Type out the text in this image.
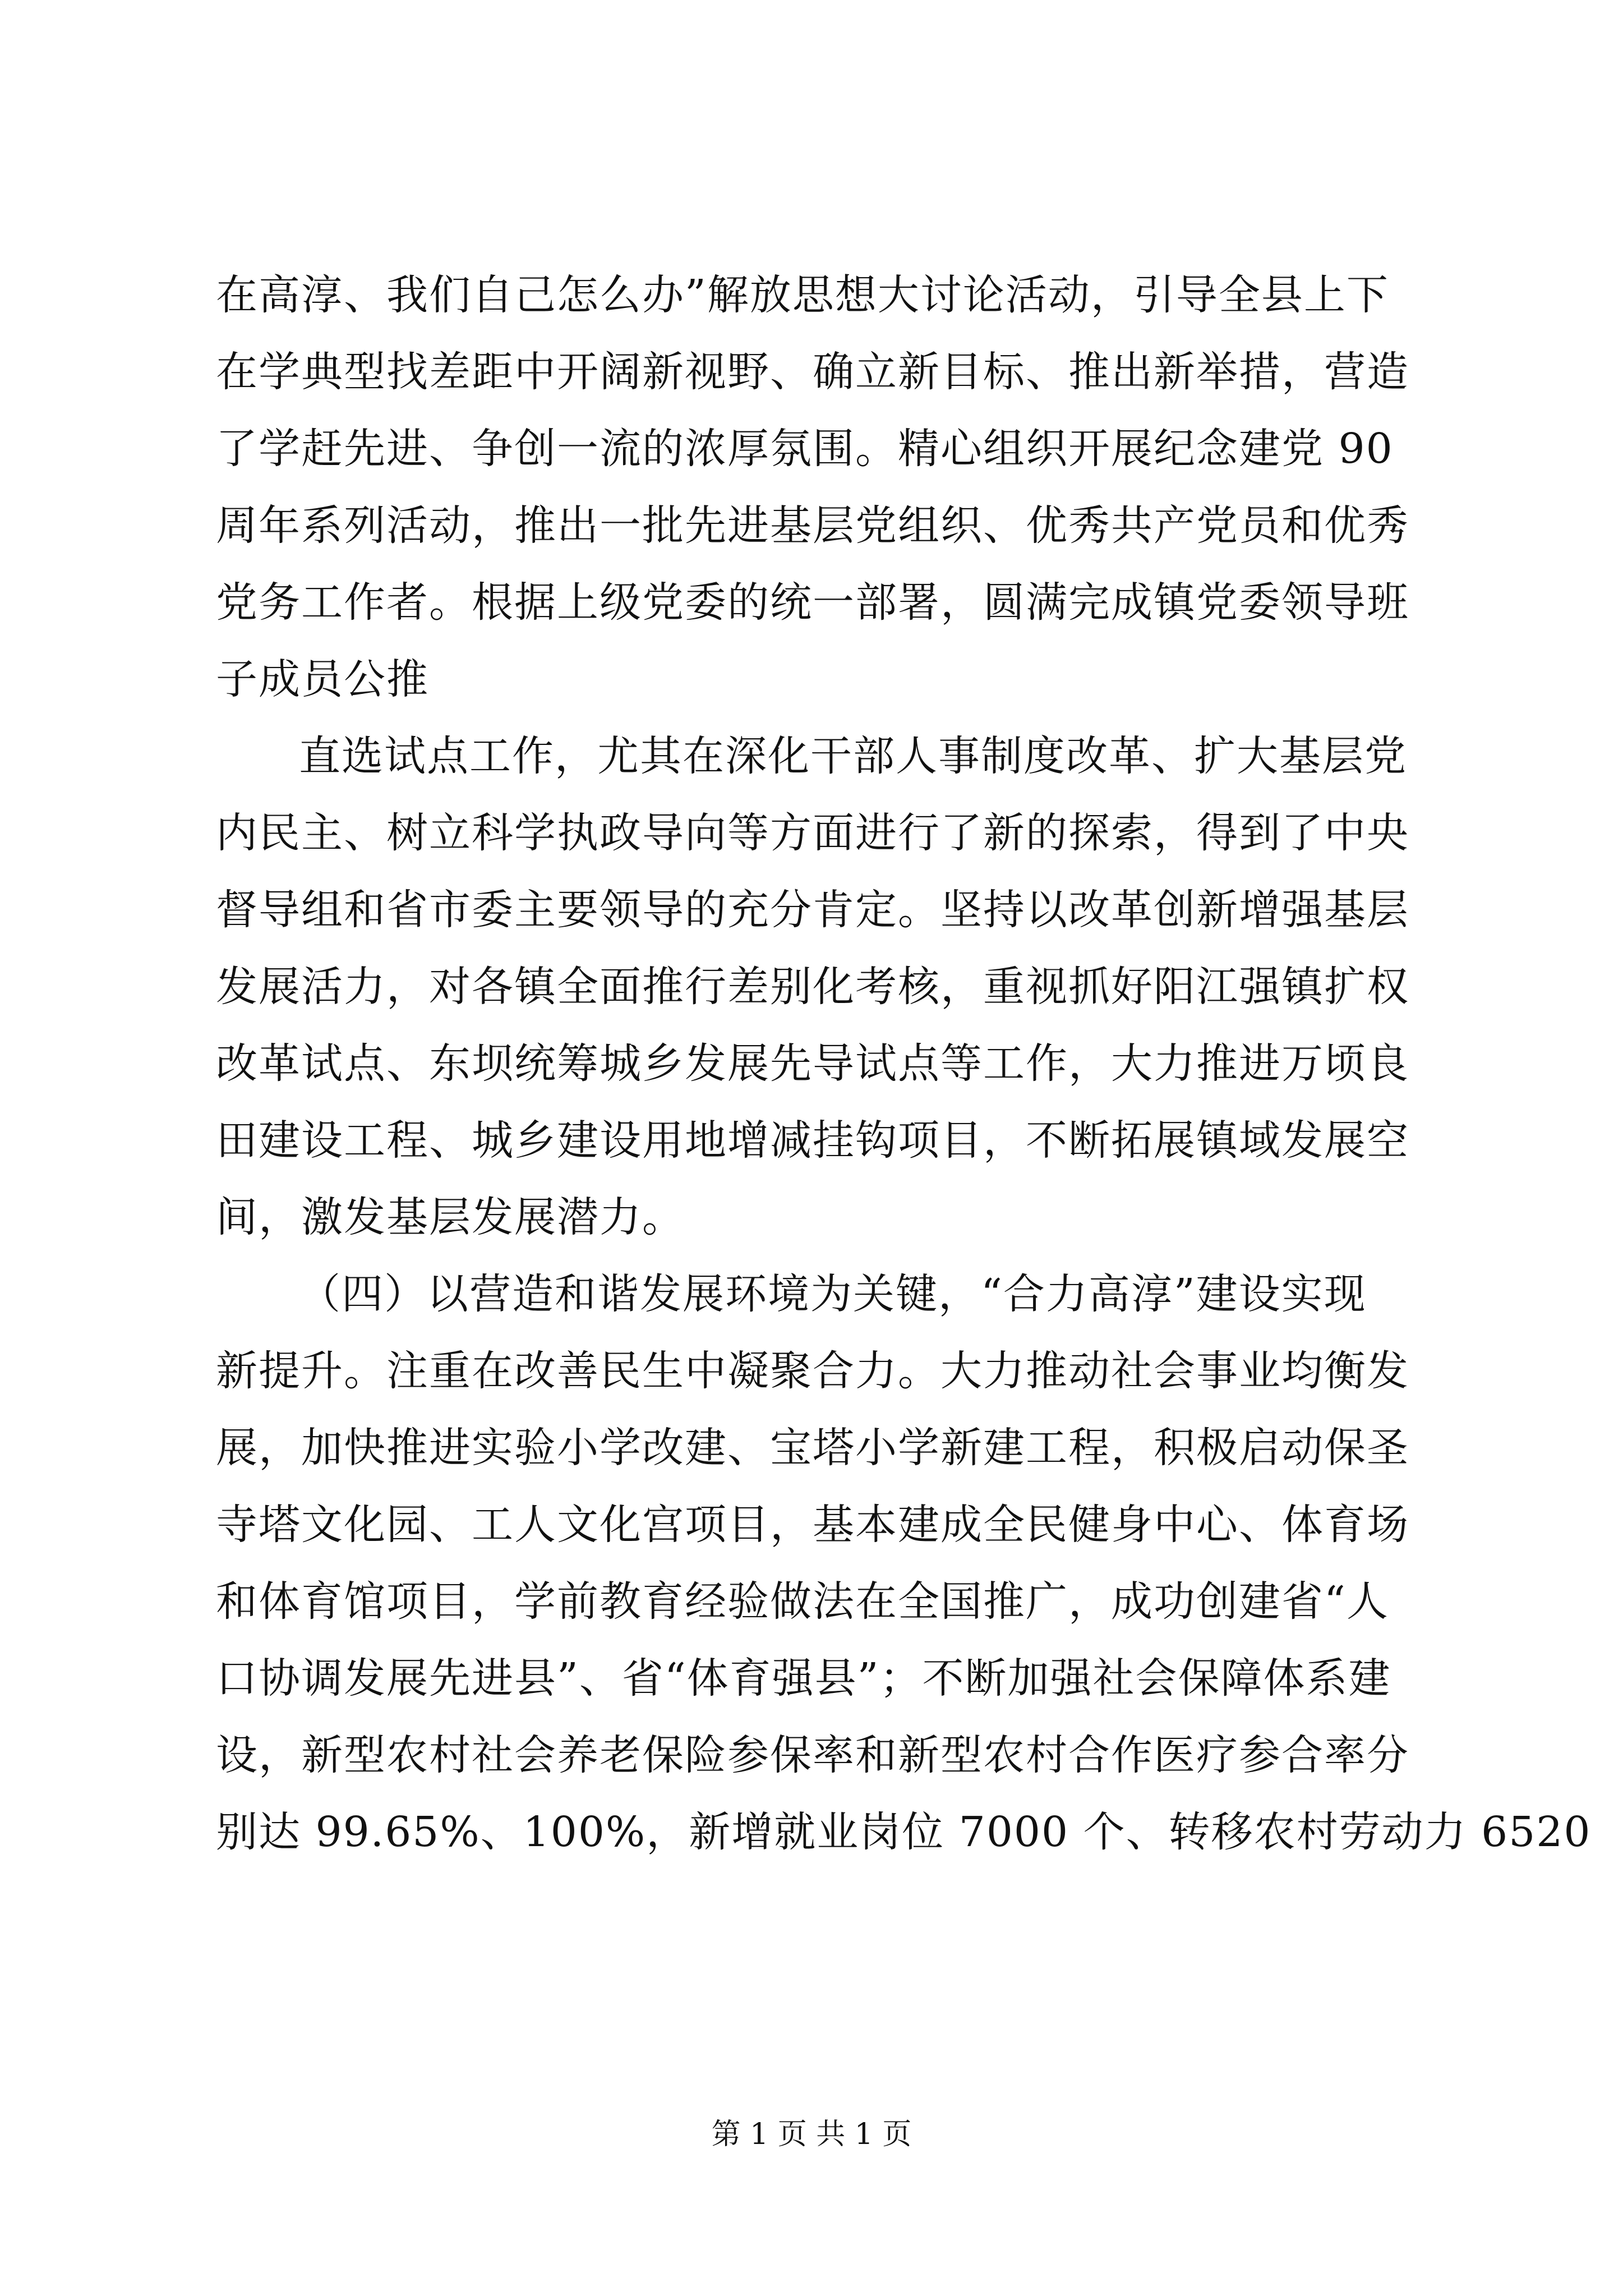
在高淳、我们自己怎么办”解放思想大讨论活动，引导全县上下
在学典型找差距中开阔新视野、确立新目标、推出新举措，营造
了学赶先进、争创一流的浓厚氛围。精心组织开展纪念建党 90
周年系列活动，推出一批先进基层党组织、优秀共产党员和优秀
党务工作者。根据上级党委的统一部署，圆满完成镇党委领导班
子成员公推
直选试点工作，尤其在深化干部人事制度改革、扩大基层党
内民主、树立科学执政导向等方面进行了新的探索，得到了中央
督导组和省市委主要领导的充分肯定。坚持以改革创新增强基层
发展活力，对各镇全面推行差别化考核，重视抓好阳江强镇扩权
改革试点、东坝统筹城乡发展先导试点等工作，大力推进万顷良
田建设工程、城乡建设用地增减挂钩项目，不断拓展镇域发展空
间，激发基层发展潜力。
（四）以营造和谐发展环境为关键，“合力高淳”建设实现
新提升。注重在改善民生中凝聚合力。大力推动社会事业均衡发
展，加快推进实验小学改建、宝塔小学新建工程，积极启动保圣
寺塔文化园、工人文化宫项目，基本建成全民健身中心、体育场
和体育馆项目，学前教育经验做法在全国推广，成功创建省“人
口协调发展先进县”、省“体育强县”；不断加强社会保障体系建
设，新型农村社会养老保险参保率和新型农村合作医疗参合率分
别达 99.65%、100%，新增就业岗位 7000 个、转移农村劳动力 6520
第 1 页 共 1 页
